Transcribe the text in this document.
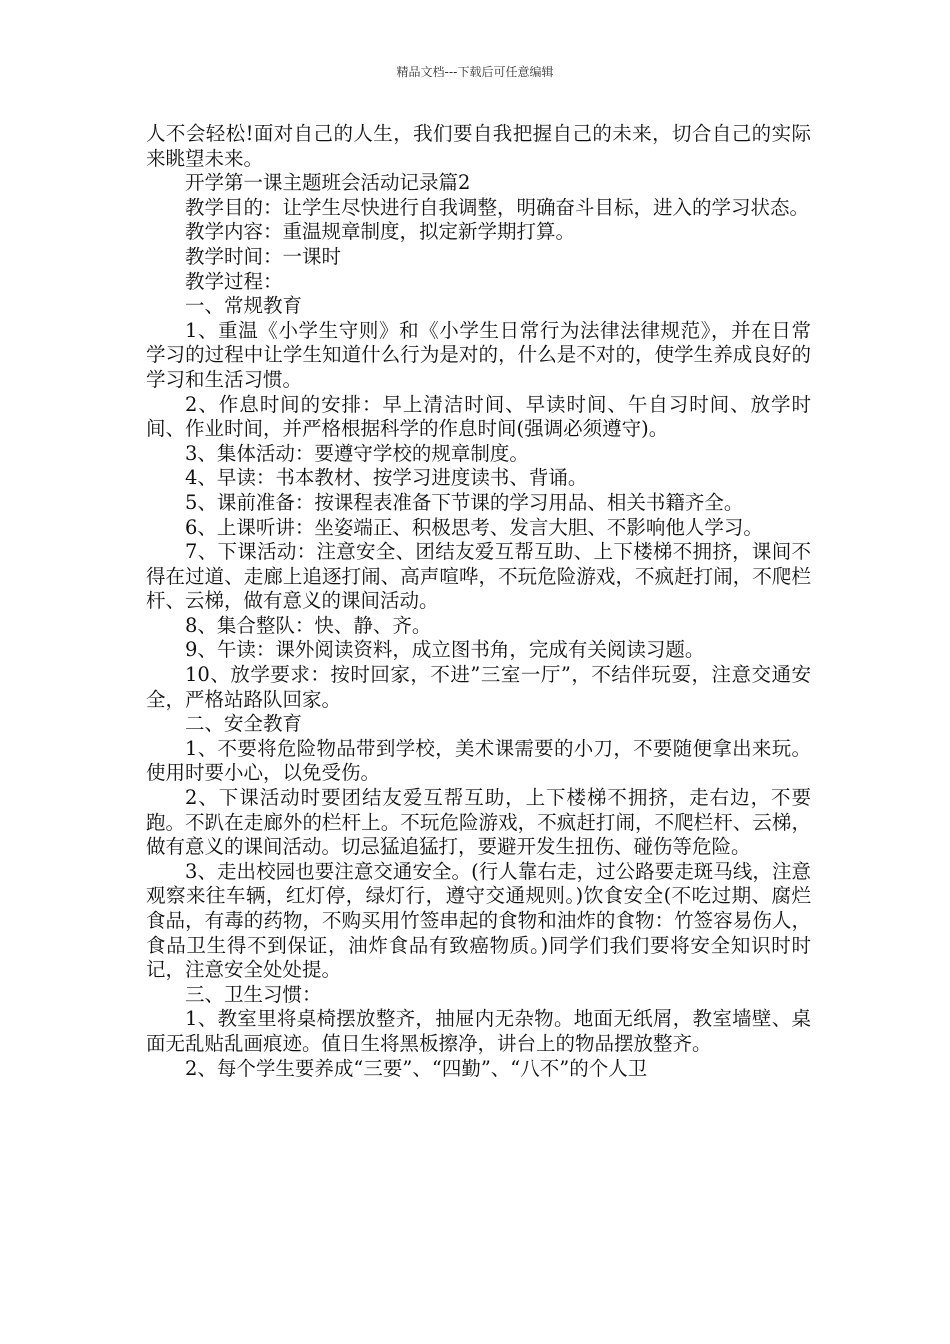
精品文档---下载后可任意编辑

人不会轻松!面对自己的人生，我们要自我把握自己的未来，切合自己的实际来眺望未来。

开学第一课主题班会活动记录篇2

教学目的：让学生尽快进行自我调整，明确奋斗目标，进入的学习状态。

教学内容：重温规章制度，拟定新学期打算。

教学时间：一课时

教学过程：

一、常规教育

1、重温《小学生守则》和《小学生日常行为法律法律规范》，并在日常学习的过程中让学生知道什么行为是对的，什么是不对的，使学生养成良好的学习和生活习惯。

2、作息时间的安排：早上清洁时间、早读时间、午自习时间、放学时间、作业时间，并严格根据科学的作息时间(强调必须遵守)。

3、集体活动：要遵守学校的规章制度。

4、早读：书本教材、按学习进度读书、背诵。

5、课前准备：按课程表准备下节课的学习用品、相关书籍齐全。

6、上课听讲：坐姿端正、积极思考、发言大胆、不影响他人学习。

7、下课活动：注意安全、团结友爱互帮互助、上下楼梯不拥挤，课间不得在过道、走廊上追逐打闹、高声喧哗，不玩危险游戏，不疯赶打闹，不爬栏杆、云梯，做有意义的课间活动。

8、集合整队：快、静、齐。

9、午读：课外阅读资料，成立图书角，完成有关阅读习题。

10、放学要求：按时回家，不进”三室一厅”，不结伴玩耍，注意交通安全，严格站路队回家。

二、安全教育

1、不要将危险物品带到学校，美术课需要的小刀，不要随便拿出来玩。使用时要小心，以免受伤。

2、下课活动时要团结友爱互帮互助，上下楼梯不拥挤，走右边，不要跑。不趴在走廊外的栏杆上。不玩危险游戏，不疯赶打闹，不爬栏杆、云梯，做有意义的课间活动。切忌猛追猛打，要避开发生扭伤、碰伤等危险。

3、走出校园也要注意交通安全。(行人靠右走，过公路要走斑马线，注意观察来往车辆，红灯停，绿灯行，遵守交通规则。)饮食安全(不吃过期、腐烂食品，有毒的药物，不购买用竹签串起的食物和油炸的食物：竹签容易伤人，食品卫生得不到保证，油炸食品有致癌物质。)同学们我们要将安全知识时时记，注意安全处处提。

三、卫生习惯：

1、教室里将桌椅摆放整齐，抽屉内无杂物。地面无纸屑，教室墙壁、桌面无乱贴乱画痕迹。值日生将黑板擦净，讲台上的物品摆放整齐。

2、每个学生要养成“三要”、“四勤”、“八不”的个人卫
